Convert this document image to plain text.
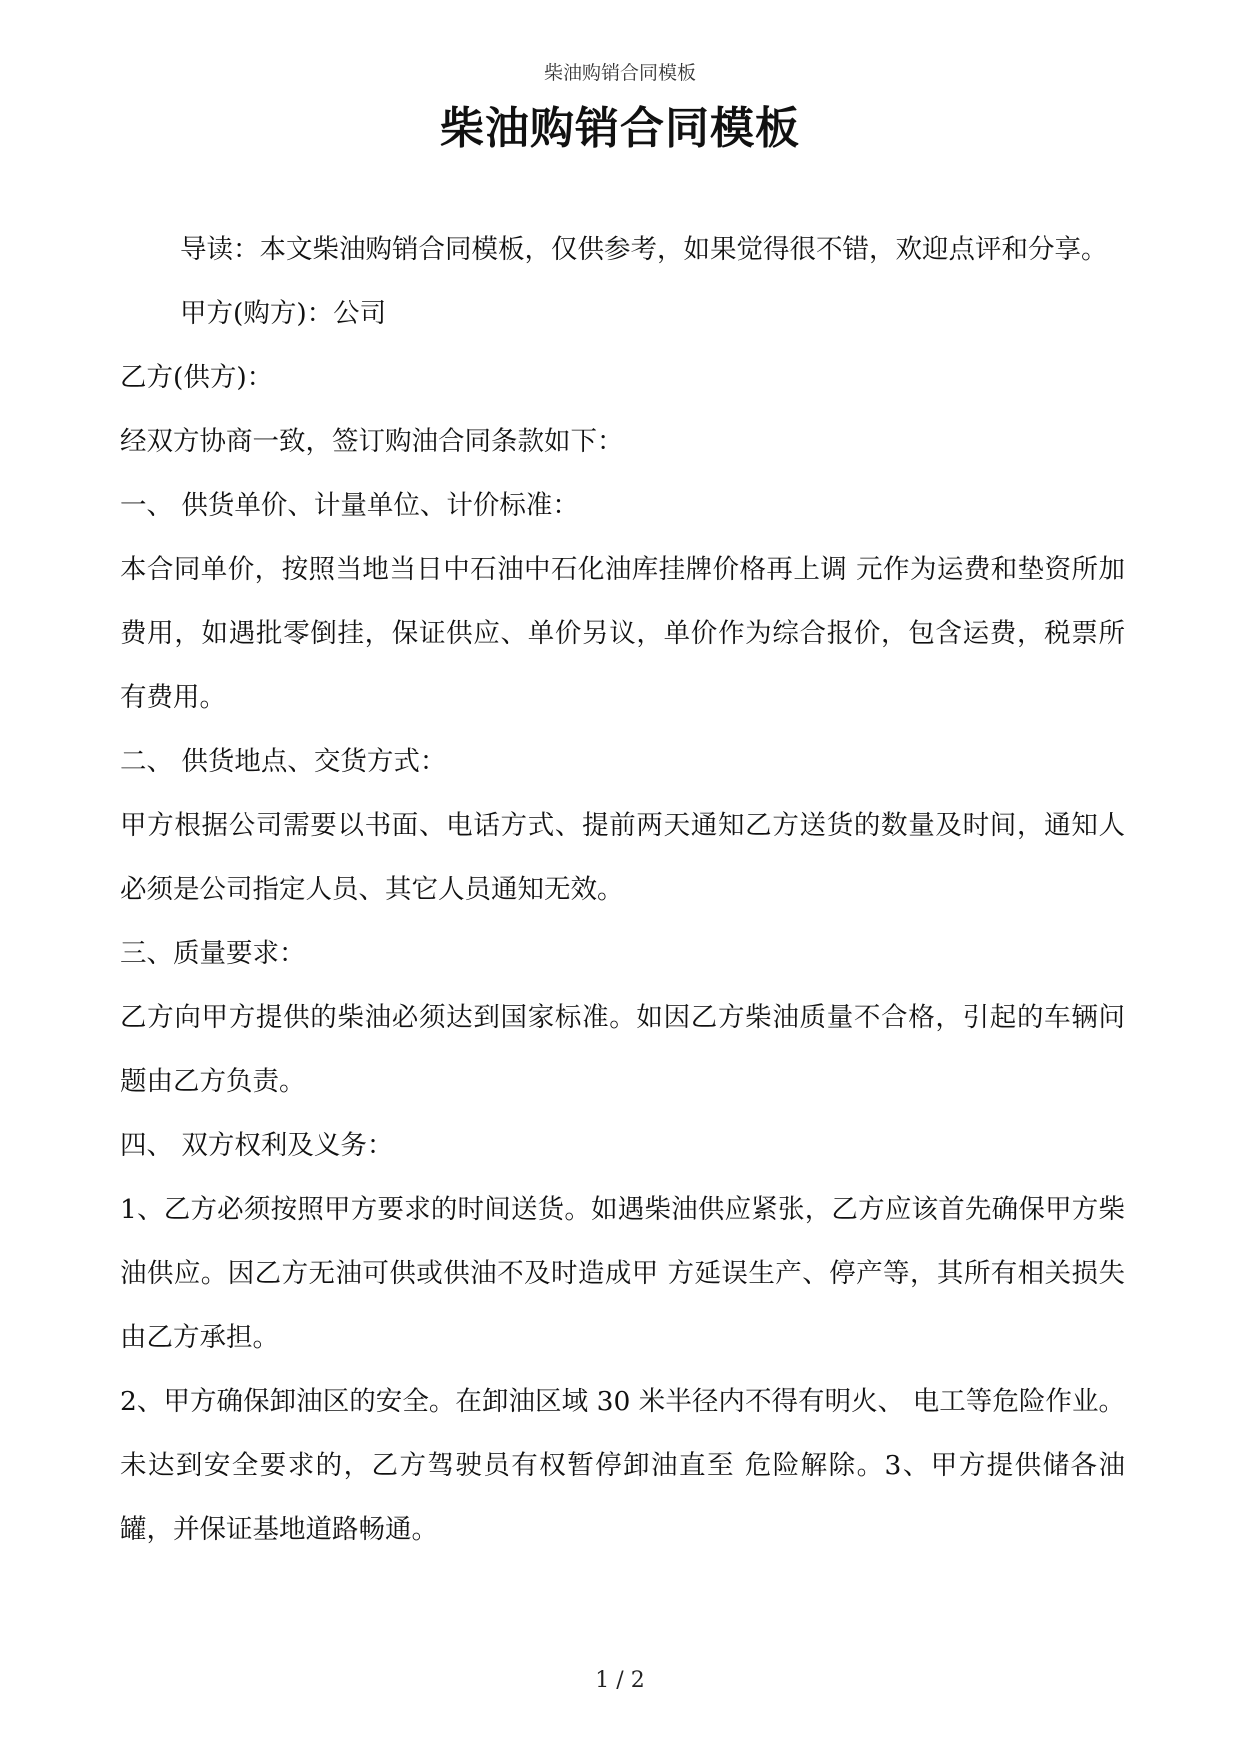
柴油购销合同模板
柴油购销合同模板

导读：本文柴油购销合同模板，仅供参考，如果觉得很不错，欢迎点评和分享。

甲方(购方)：公司

乙方(供方)：

经双方协商一致，签订购油合同条款如下：

一、 供货单价、计量单位、计价标准：

本合同单价，按照当地当日中石油中石化油库挂牌价格再上调 元作为运费和垫资所加费用，如遇批零倒挂，保证供应、单价另议，单价作为综合报价，包含运费，税票所有费用。

二、 供货地点、交货方式：

甲方根据公司需要以书面、电话方式、提前两天通知乙方送货的数量及时间，通知人必须是公司指定人员、其它人员通知无效。

三、质量要求：

乙方向甲方提供的柴油必须达到国家标准。如因乙方柴油质量不合格，引起的车辆问题由乙方负责。

四、 双方权利及义务：

1、乙方必须按照甲方要求的时间送货。如遇柴油供应紧张，乙方应该首先确保甲方柴油供应。因乙方无油可供或供油不及时造成甲 方延误生产、停产等，其所有相关损失由乙方承担。

2、甲方确保卸油区的安全。在卸油区域 30 米半径内不得有明火、 电工等危险作业。未达到安全要求的，乙方驾驶员有权暂停卸油直至 危险解除。3、甲方提供储各油罐，并保证基地道路畅通。

1 / 2
